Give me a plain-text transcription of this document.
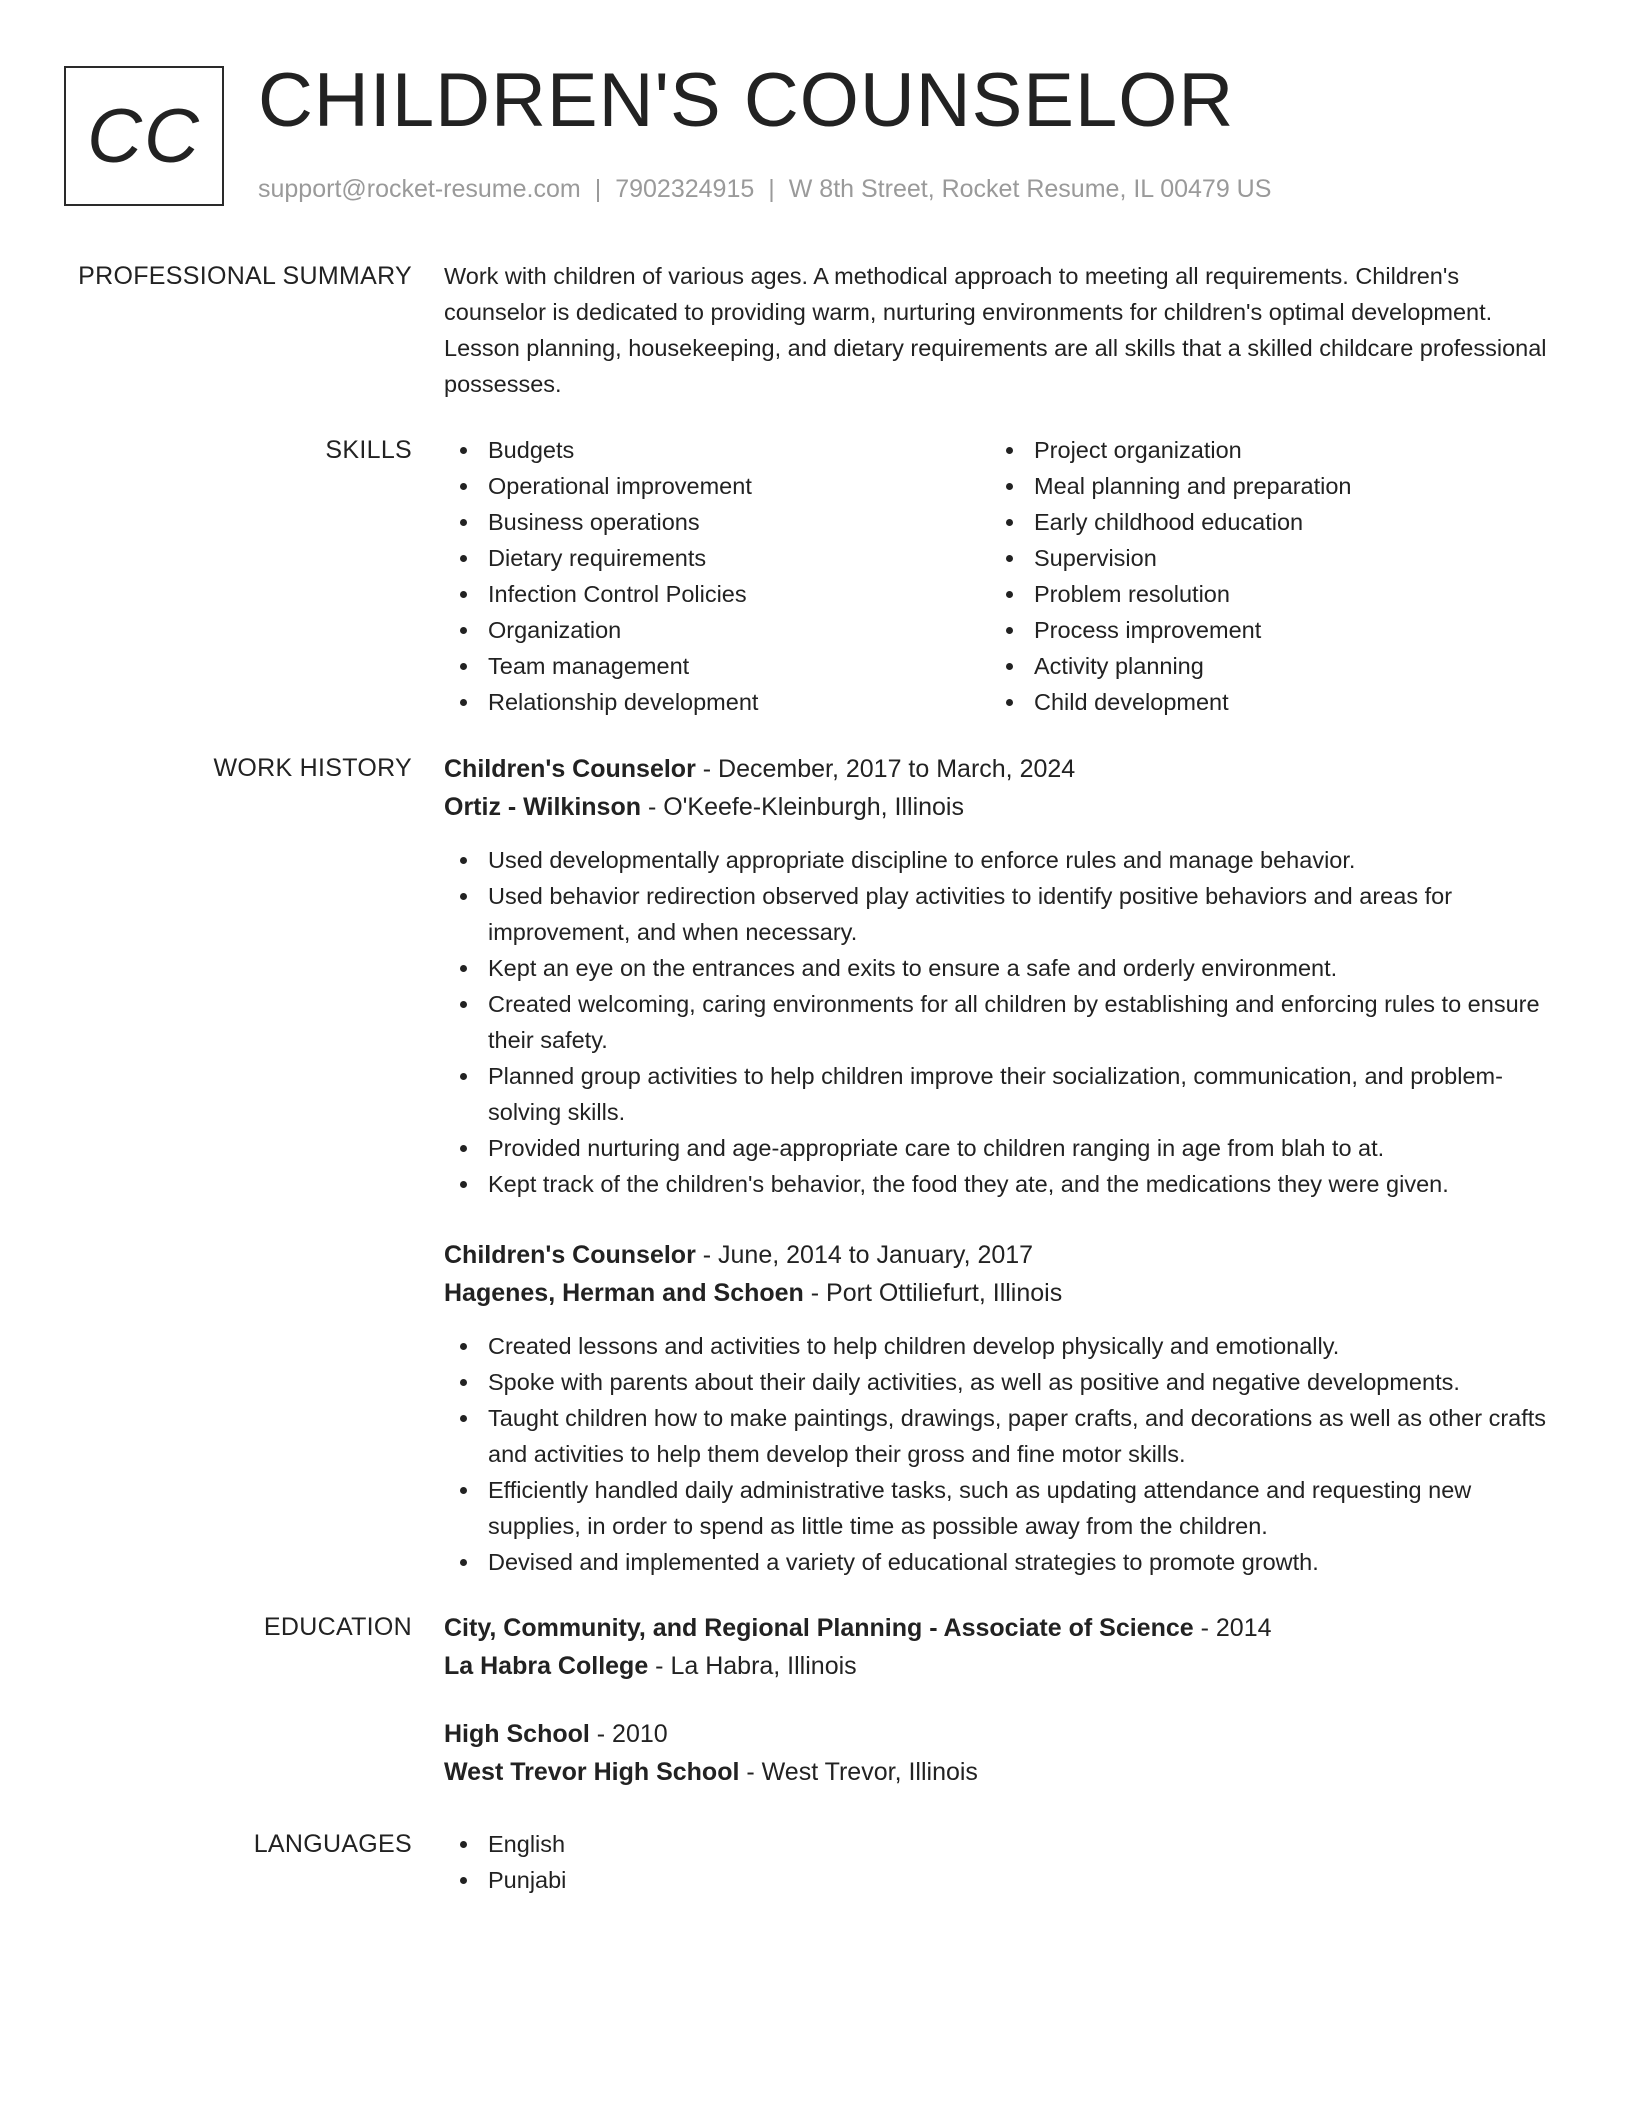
CC CHILDREN'S COUNSELOR
support@rocket-resume.com | 7902324915 | W 8th Street, Rocket Resume, IL 00479 US
PROFESSIONAL SUMMARY Work with children of various ages. A methodical approach to meeting all requirements. Children's counselor is dedicated to providing warm, nurturing environments for children's optimal development. Lesson planning, housekeeping, and dietary requirements are all skills that a skilled childcare professional possesses.

SKILLS	Budgets
Operational improvement
Business operations
Dietary requirements
Infection Control Policies
Organization
Team management
Relationship development
Project organization
Meal planning and preparation
Early childhood education
Supervision
Problem resolution
Process improvement
Activity planning
Child development
WORK HISTORY Children's Counselor - December, 2017 to March, 2024
Ortiz - Wilkinson - O'Keefe-Kleinburgh, Illinois
Used developmentally appropriate discipline to enforce rules and manage behavior.
Used behavior redirection observed play activities to identify positive behaviors and areas for improvement, and when necessary.
Kept an eye on the entrances and exits to ensure a safe and orderly environment.
Created welcoming, caring environments for all children by establishing and enforcing rules to ensure their safety.
Planned group activities to help children improve their socialization, communication, and problem-solving skills.
Provided nurturing and age-appropriate care to children ranging in age from blah to at.
Kept track of the children's behavior, the food they ate, and the medications they were given.
Children's Counselor - June, 2014 to January, 2017
Hagenes, Herman and Schoen - Port Ottiliefurt, Illinois
Created lessons and activities to help children develop physically and emotionally.
Spoke with parents about their daily activities, as well as positive and negative developments.
Taught children how to make paintings, drawings, paper crafts, and decorations as well as other crafts and activities to help them develop their gross and fine motor skills.
Efficiently handled daily administrative tasks, such as updating attendance and requesting new supplies, in order to spend as little time as possible away from the children.
Devised and implemented a variety of educational strategies to promote growth.
EDUCATION City, Community, and Regional Planning - Associate of Science - 2014
La Habra College - La Habra, Illinois
High School - 2010
West Trevor High School - West Trevor, Illinois
LANGUAGES	English
Punjabi
